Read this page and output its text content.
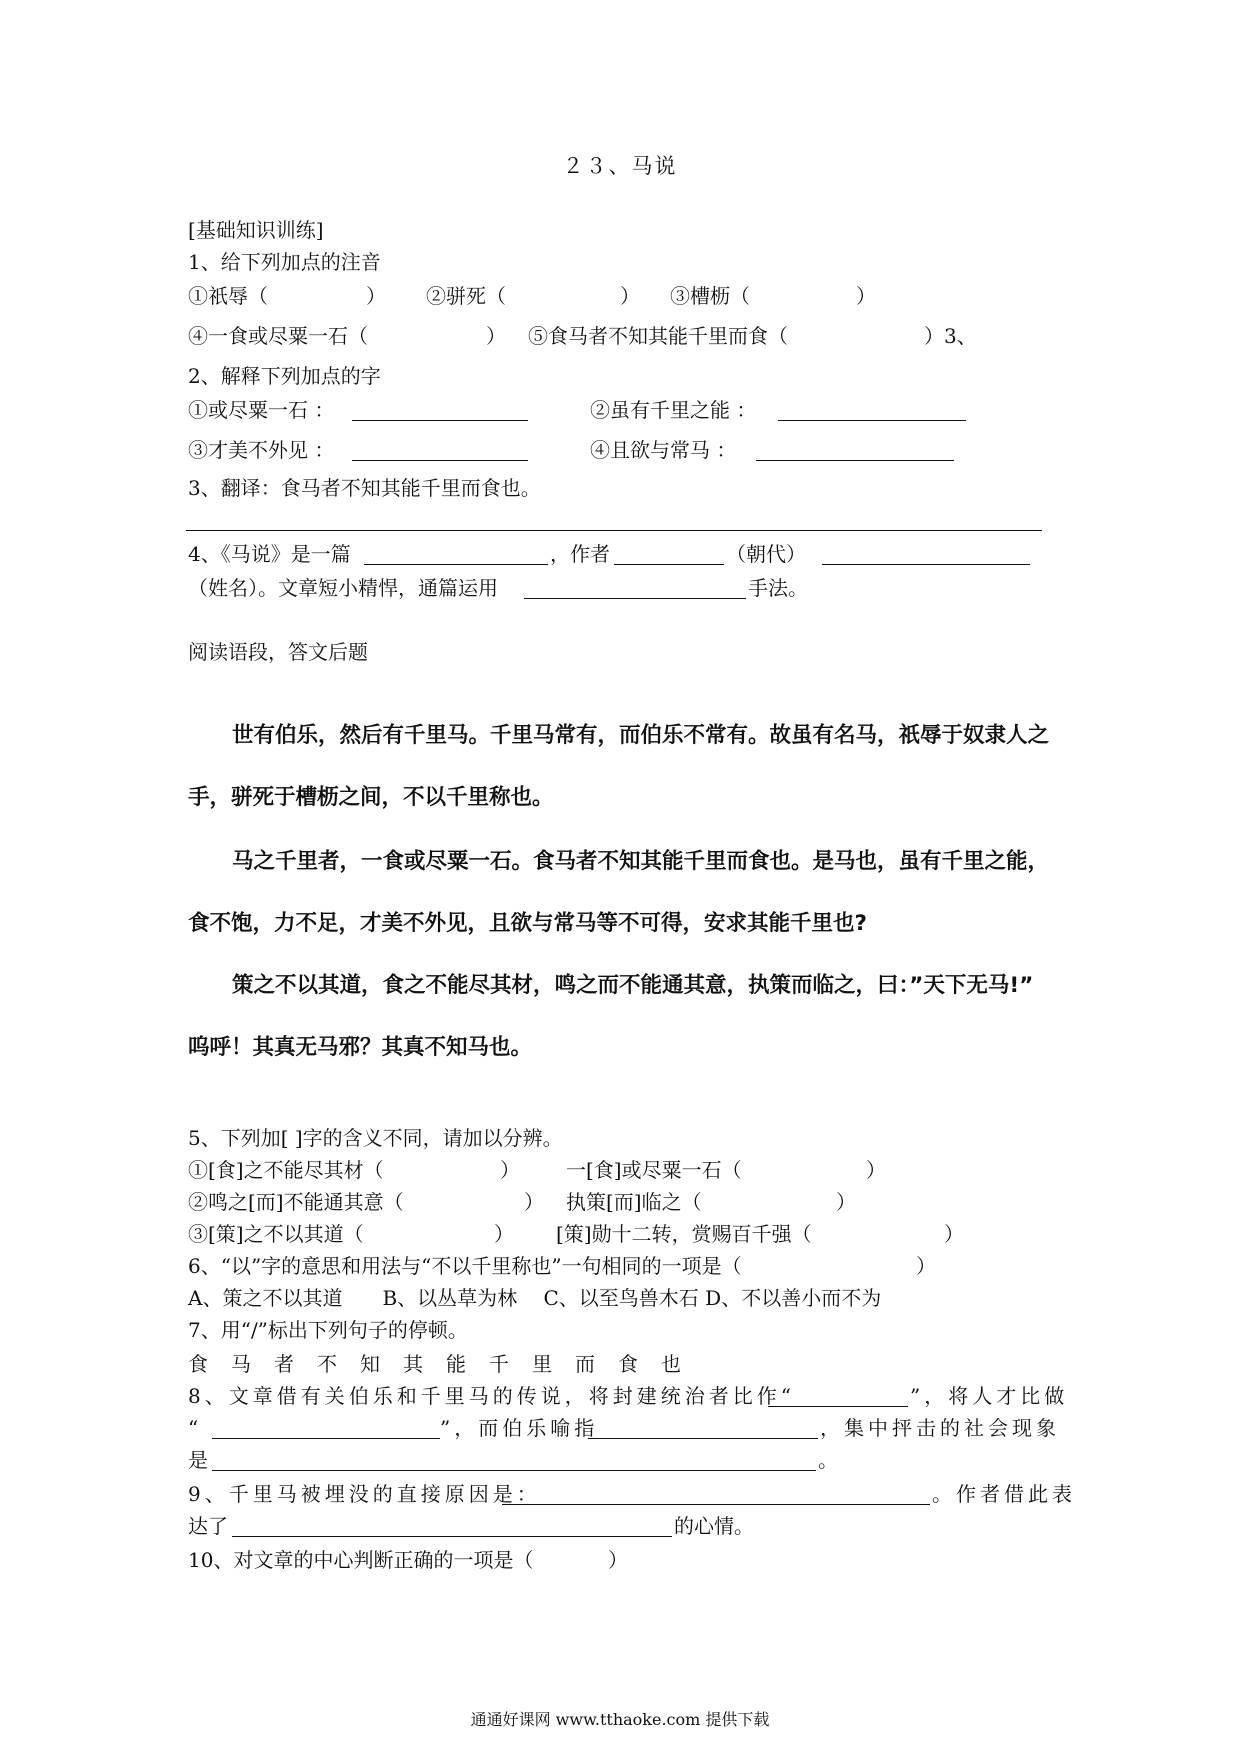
２３、马说
[基础知识训练]
1、给下列加点的注音
①祇辱（	） ②骈死（	） ③槽枥（	）
④一食或尽粟一石（	） ⑤食马者不知其能千里而食（	）3、
2、解释下列加点的字
①或尽粟一石 ：	②虽有千里之能 ：
③才美不外见 ：	④且欲与常马 ：
3、翻译：食马者不知其能千里而食也。
4、《马说》是一篇	，作者	（朝代）
（姓名）。文章短小精悍，通篇运用	手法。
阅读语段，答文后题
世有伯乐，然后有千里马。千里马常有，而伯乐不常有。故虽有名马，祇辱于奴隶人之
手，骈死于槽枥之间，不以千里称也。
马之千里者，一食或尽粟一石。食马者不知其能千里而食也。是马也，虽有千里之能，
食不饱，力不足，才美不外见，且欲与常马等不可得，安求其能千里也?
策之不以其道，食之不能尽其材，鸣之而不能通其意，执策而临之，曰：”天下无马!”
呜呼！其真无马邪？其真不知马也。
5、下列加[ ]字的含义不同，请加以分辨。
①[食]之不能尽其材（	） 一[食]或尽粟一石（	）
②鸣之[而]不能通其意（	） 执策[而]临之（	）
③[策]之不以其道（	） [策]勋十二转，赏赐百千强（	）
6、“以”字的意思和用法与“不以千里称也”一句相同的一项是（	）
A、策之不以其道　　B、以丛草为林　 C、以至鸟兽木石 D、不以善小而不为
7、用“/”标出下列句子的停顿。
食马者不知其能千里而食也
8、文章借有关伯乐和千里马的传说，将封建统治者比作“	”，将人才比做
“	”，而伯乐喻指	，集中抨击的社会现象
是	。
9、千里马被埋没的直接原因是：	。作者借此表
达了	的心情。
10、对文章的中心判断正确的一项是（	）
通通好课网 www.tthaoke.com 提供下载
